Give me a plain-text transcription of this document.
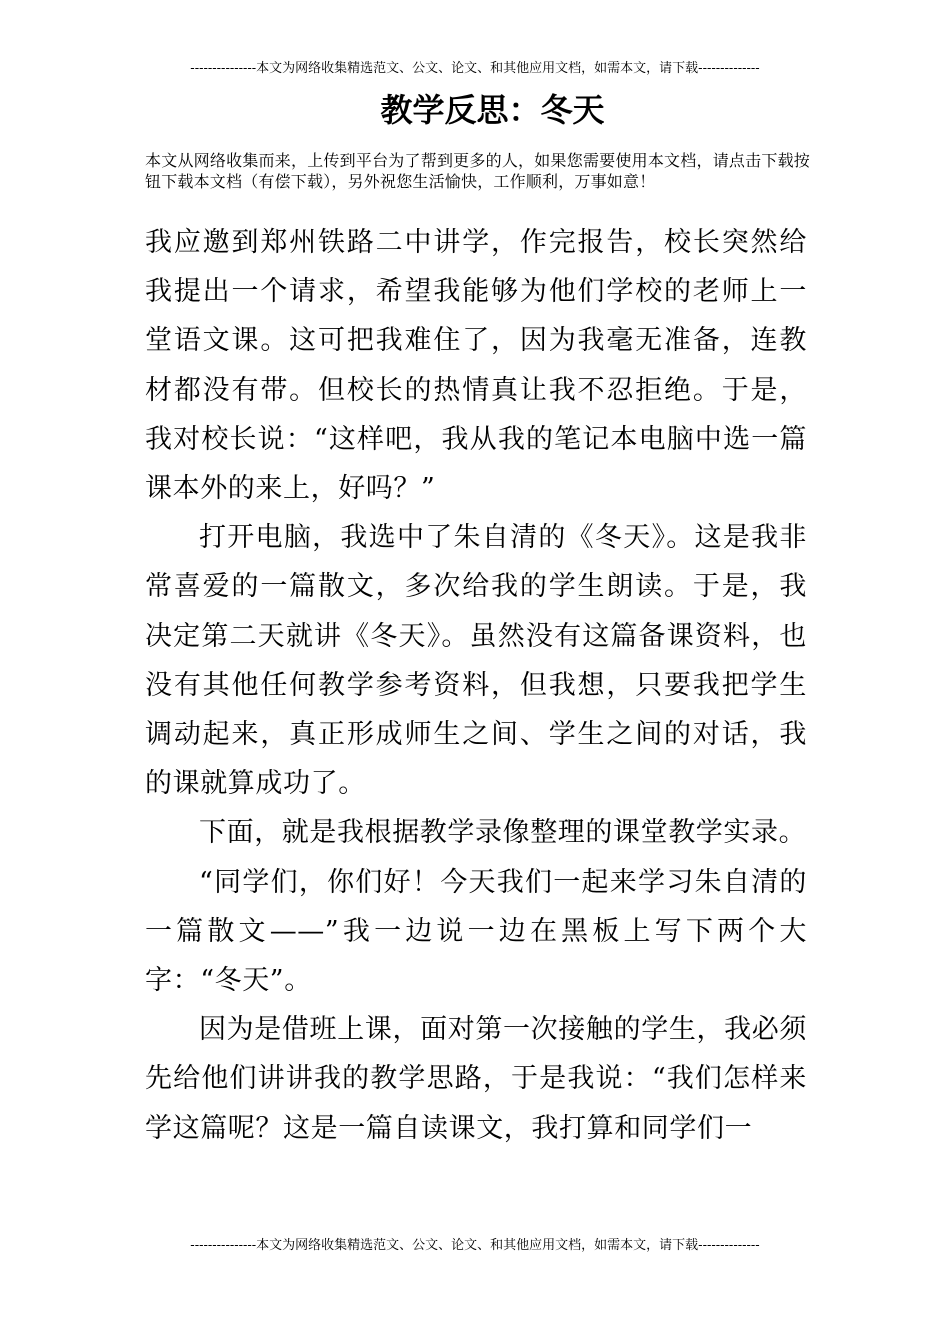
---------------本文为网络收集精选范文、公文、论文、和其他应用文档，如需本文，请下载--------------
教学反思：冬天
本文从网络收集而来，上传到平台为了帮到更多的人，如果您需要使用本文档，请点击下载按钮下载本文档（有偿下载），另外祝您生活愉快，工作顺利，万事如意！

我应邀到郑州铁路二中讲学，作完报告，校长突然给我提出一个请求，希望我能够为他们学校的老师上一堂语文课。这可把我难住了，因为我毫无准备，连教材都没有带。但校长的热情真让我不忍拒绝。于是，我对校长说：“这样吧，我从我的笔记本电脑中选一篇课本外的来上，好吗？”

打开电脑，我选中了朱自清的《冬天》。这是我非常喜爱的一篇散文，多次给我的学生朗读。于是，我决定第二天就讲《冬天》。虽然没有这篇备课资料，也没有其他任何教学参考资料，但我想，只要我把学生调动起来，真正形成师生之间、学生之间的对话，我的课就算成功了。

下面，就是我根据教学录像整理的课堂教学实录。

“同学们，你们好！今天我们一起来学习朱自清的一篇散文——”我一边说一边在黑板上写下两个大字：“冬天”。

因为是借班上课，面对第一次接触的学生，我必须先给他们讲讲我的教学思路，于是我说：“我们怎样来学这篇呢？这是一篇自读课文，我打算和同学们一

---------------本文为网络收集精选范文、公文、论文、和其他应用文档，如需本文，请下载--------------
